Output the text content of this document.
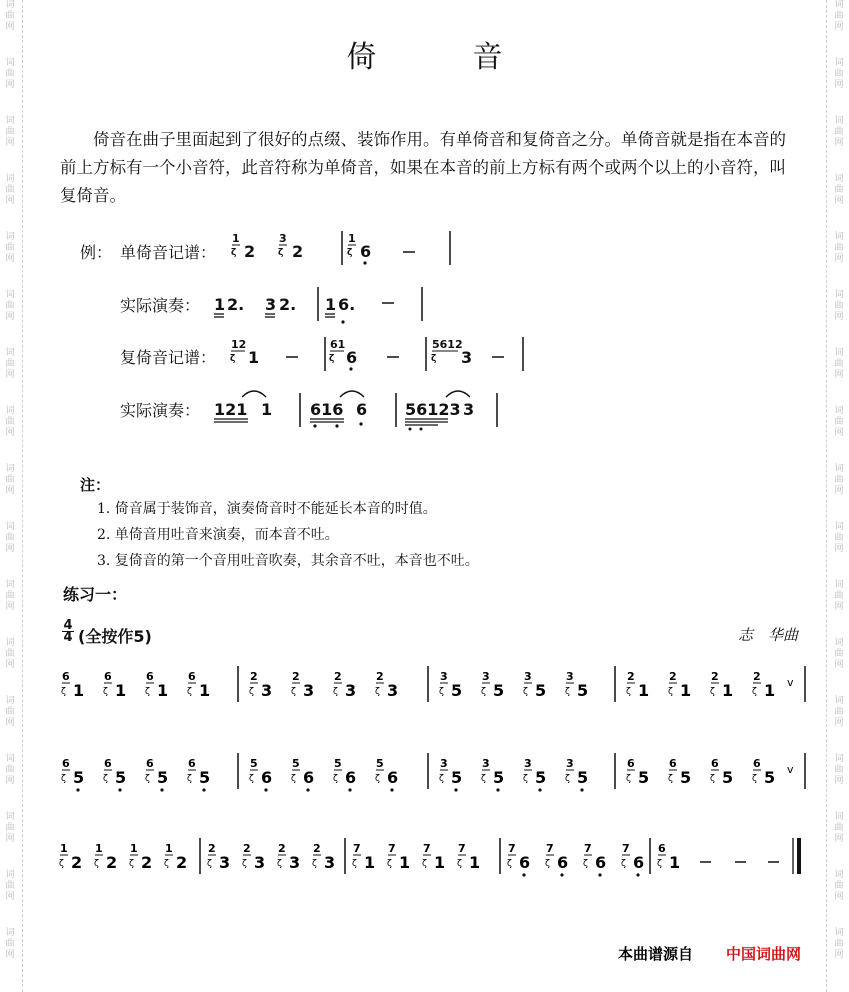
词
曲
网
词
曲
网
词
曲
网
词
曲
网
词
曲
网
词
曲
网
词
曲
网
词
曲
网
词
曲
网
词
曲
网
词
曲
网
词
曲
网
词
曲
网
词
曲
网
词
曲
网
词
曲
网
词
曲
网
词
曲
网
词
曲
网
词
曲
网
词
曲
网
词
曲
网
词
曲
网
词
曲
网
词
曲
网
词
曲
网
词
曲
网
词
曲
网
词
曲
网
词
曲
网
词
曲
网
词
曲
网
词
曲
网
词
曲
网
倚	音

倚音在曲子里面起到了很好的点缀、装饰作用。有单倚音和复倚音之分。单倚音就是指在本音的前上方标有一个小音符，此音符称为单倚音，如果在本音的前上方标有两个或两个以上的小音符，叫复倚音。

例： 单倚音记谱：
实际演奏：
复倚音记谱：
实际演奏：
1
ζ 2
3
ζ 2
1
ζ 6
1 2. 3 2. 1 6.
12
ζ 1
61
ζ 6
5612
ζ 3
121 1 616 6 56123 3
注：
1. 倚音属于装饰音，演奏倚音时不能延长本音的时值。
2. 单倚音用吐音来演奏，而本音不吐。
3. 复倚音的第一个音用吐音吹奏，其余音不吐，本音也不吐。
练习一：
4
4 (全按作5)	志　华曲
6
ζ 1
6
ζ 1
6
ζ 1
6
ζ 1
2
ζ 3
2
ζ 3
2
ζ 3
2
ζ 3
3
ζ 5
3
ζ 5
3
ζ 5
3
ζ 5
2
ζ 1
2
ζ 1
2
ζ 1
2
ζ 1 v
6
ζ 5
6
ζ 5
6
ζ 5
6
ζ 5
5
ζ 6
5
ζ 6
5
ζ 6
5
ζ 6
3
ζ 5
3
ζ 5
3
ζ 5
3
ζ 5
6
ζ 5
6
ζ 5
6
ζ 5
6
ζ 5 v
1
ζ 2
1
ζ 2
1
ζ 2
1
ζ 2
2
ζ 3
2
ζ 3
2
ζ 3
2
ζ 3
7
ζ 1
7
ζ 1
7
ζ 1
7
ζ 1
7
ζ 6
7
ζ 6
7
ζ 6
7
ζ 6
6
ζ 1
本曲谱源自 中国词曲网
